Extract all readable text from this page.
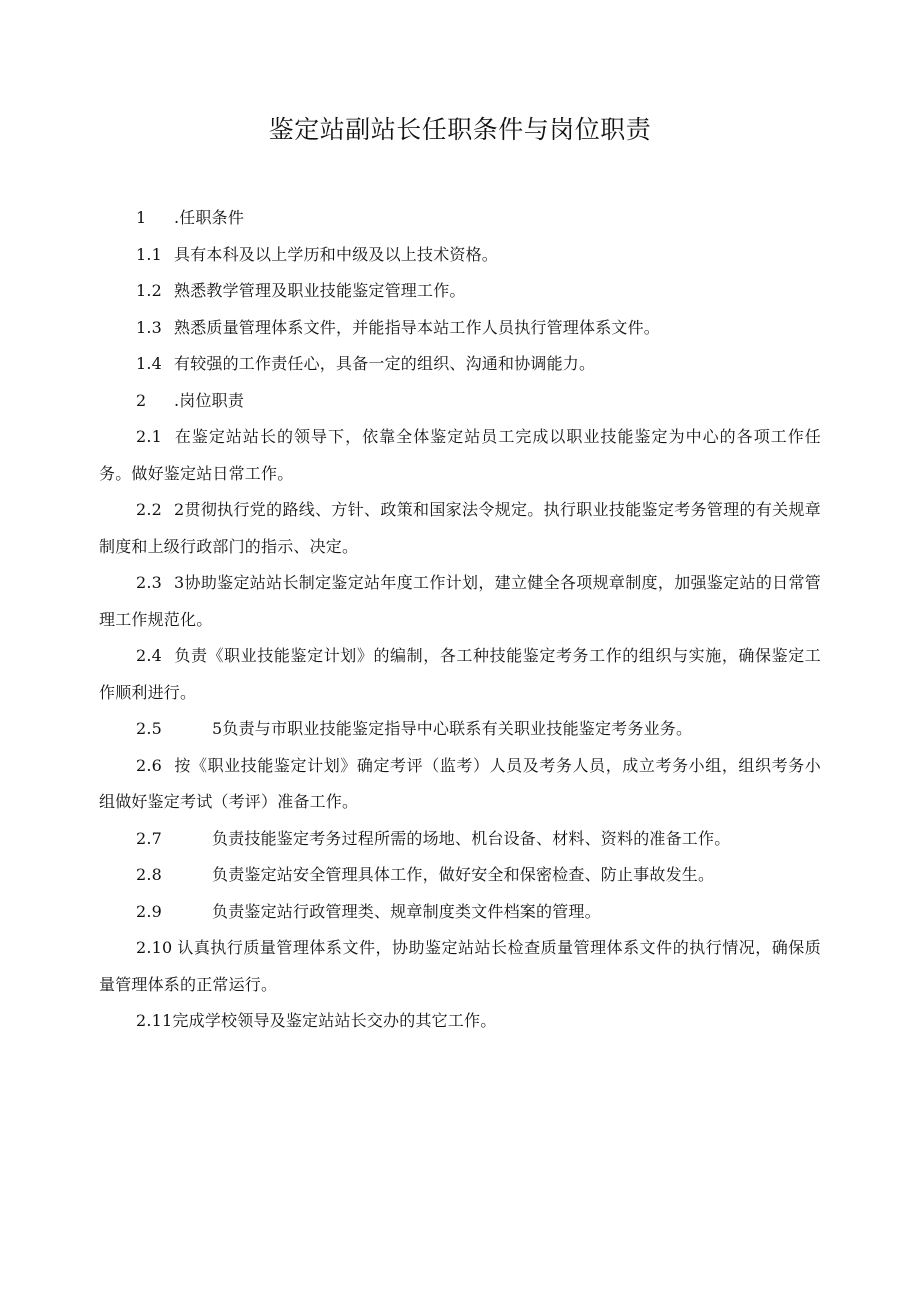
鉴定站副站长任职条件与岗位职责

1 .任职条件

1.1 具有本科及以上学历和中级及以上技术资格。

1.2 熟悉教学管理及职业技能鉴定管理工作。

1.3 熟悉质量管理体系文件，并能指导本站工作人员执行管理体系文件。

1.4 有较强的工作责任心，具备一定的组织、沟通和协调能力。

2 .岗位职责

2.1 在鉴定站站长的领导下，依靠全体鉴定站员工完成以职业技能鉴定为中心的各项工作任务。做好鉴定站日常工作。

2.2 2贯彻执行党的路线、方针、政策和国家法令规定。执行职业技能鉴定考务管理的有关规章制度和上级行政部门的指示、决定。

2.3 3协助鉴定站站长制定鉴定站年度工作计划，建立健全各项规章制度，加强鉴定站的日常管理工作规范化。

2.4 负责《职业技能鉴定计划》的编制，各工种技能鉴定考务工作的组织与实施，确保鉴定工作顺利进行。

2.5	5负责与市职业技能鉴定指导中心联系有关职业技能鉴定考务业务。

2.6 按《职业技能鉴定计划》确定考评（监考）人员及考务人员，成立考务小组，组织考务小组做好鉴定考试（考评）准备工作。

2.7	负责技能鉴定考务过程所需的场地、机台设备、材料、资料的准备工作。

2.8	负责鉴定站安全管理具体工作，做好安全和保密检查、防止事故发生。

2.9	负责鉴定站行政管理类、规章制度类文件档案的管理。

2.10 认真执行质量管理体系文件，协助鉴定站站长检查质量管理体系文件的执行情况，确保质量管理体系的正常运行。

2.11完成学校领导及鉴定站站长交办的其它工作。
